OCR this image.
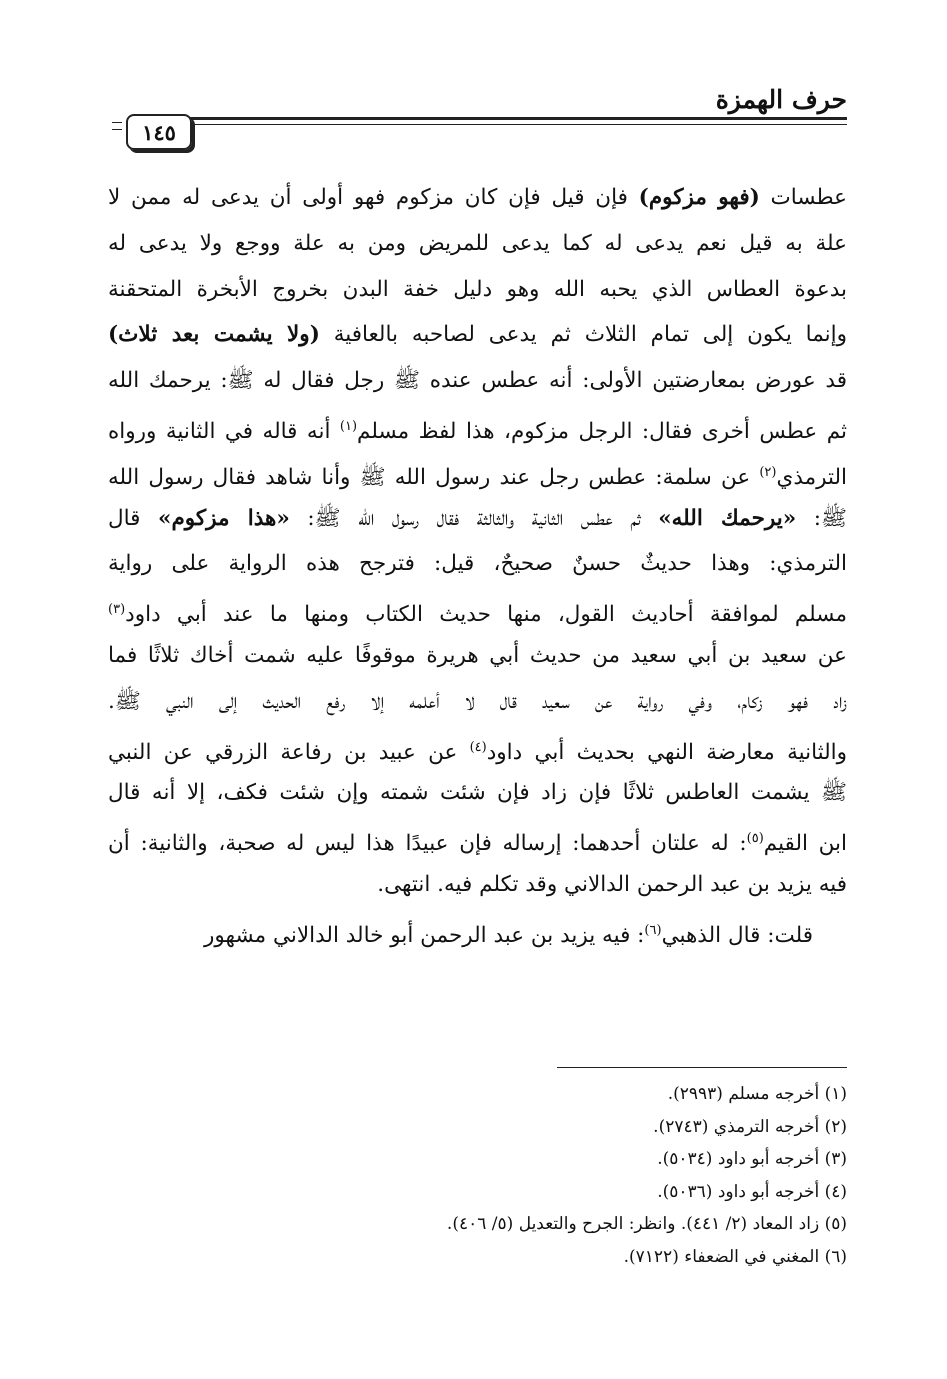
حرف الهمزة
١٤٥
عطسات (فهو مزكوم) فإن قيل فإن كان مزكوم فهو أولى أن يدعى له ممن لا
علة به قيل نعم يدعى له كما يدعى للمريض ومن به علة ووجع ولا يدعى له
بدعوة العطاس الذي يحبه الله وهو دليل خفة البدن بخروج الأبخرة المتحقنة
وإنما يكون إلى تمام الثلاث ثم يدعى لصاحبه بالعافية (ولا يشمت بعد ثلاث)
قد عورض بمعارضتين الأولى: أنه عطس عنده ﷺ رجل فقال له ﷺ: يرحمك الله
ثم عطس أخرى فقال: الرجل مزكوم، هذا لفظ مسلم$^{(١)}$ أنه قاله في الثانية ورواه
الترمذي$^{(٢)}$ عن سلمة: عطس رجل عند رسول الله ﷺ وأنا شاهد فقال رسول الله
ﷺ: «يرحمك الله» ثم عطس الثانية والثالثة فقال رسول الله ﷺ: «هذا مزكوم» قال
الترمذي: وهذا حديثٌ حسنٌ صحيحٌ، قيل: فترجح هذه الرواية على رواية
مسلم لموافقة أحاديث القول، منها حديث الكتاب ومنها ما عند أبي داود$^{(٣)}$
عن سعيد بن أبي سعيد من حديث أبي هريرة موقوفًا عليه شمت أخاك ثلاثًا فما
زاد فهو زكام، وفي رواية عن سعيد قال لا أعلمه إلا رفع الحديث إلى النبي ﷺ.
والثانية معارضة النهي بحديث أبي داود$^{(٤)}$ عن عبيد بن رفاعة الزرقي عن النبي
ﷺ يشمت العاطس ثلاثًا فإن زاد فإن شئت شمته وإن شئت فكف، إلا أنه قال
ابن القيم$^{(٥)}$: له علتان أحدهما: إرساله فإن عبيدًا هذا ليس له صحبة، والثانية: أن
فيه يزيد بن عبد الرحمن الدالاني وقد تكلم فيه. انتهى.
قلت: قال الذهبي$^{(٦)}$: فيه يزيد بن عبد الرحمن أبو خالد الدالاني مشهور
(١) أخرجه مسلم (٢٩٩٣).
(٢) أخرجه الترمذي (٢٧٤٣).
(٣) أخرجه أبو داود (٥٠٣٤).
(٤) أخرجه أبو داود (٥٠٣٦).
(٥) زاد المعاد (٢/ ٤٤١). وانظر: الجرح والتعديل (٥/ ٤٠٦).
(٦) المغني في الضعفاء (٧١٢٢).
